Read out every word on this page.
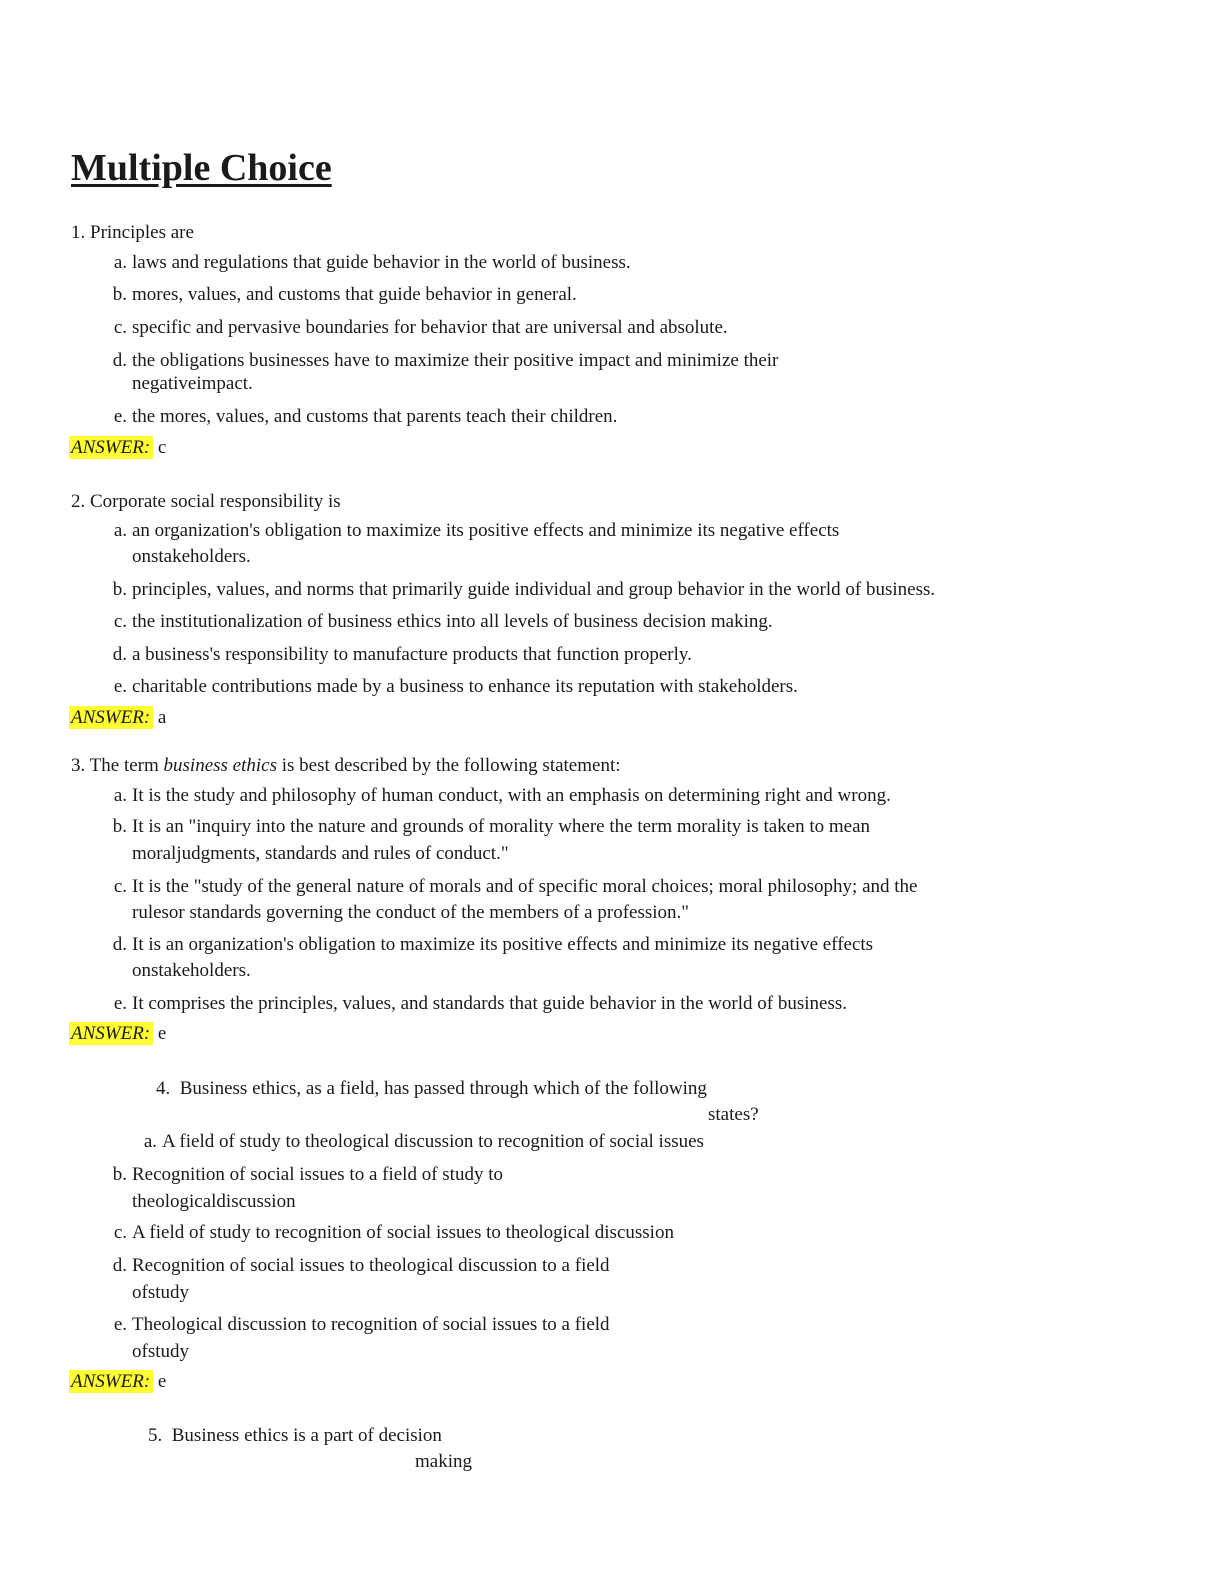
Multiple Choice

1. Principles are

a. laws and regulations that guide behavior in the world of business.

b. mores, values, and customs that guide behavior in general.

c. specific and pervasive boundaries for behavior that are universal and absolute.

d. the obligations businesses have to maximize their positive impact and minimize their

negativeimpact.

e. the mores, values, and customs that parents teach their children.

ANSWER: c

2. Corporate social responsibility is

a. an organization's obligation to maximize its positive effects and minimize its negative effects

onstakeholders.

b. principles, values, and norms that primarily guide individual and group behavior in the world of business.

c. the institutionalization of business ethics into all levels of business decision making.

d. a business's responsibility to manufacture products that function properly.

e. charitable contributions made by a business to enhance its reputation with stakeholders.

ANSWER: a

3. The term business ethics is best described by the following statement:

a. It is the study and philosophy of human conduct, with an emphasis on determining right and wrong.

b. It is an "inquiry into the nature and grounds of morality where the term morality is taken to mean

moraljudgments, standards and rules of conduct."

c. It is the "study of the general nature of morals and of specific moral choices; moral philosophy; and the

rulesor standards governing the conduct of the members of a profession."

d. It is an organization's obligation to maximize its positive effects and minimize its negative effects

onstakeholders.

e. It comprises the principles, values, and standards that guide behavior in the world of business.

ANSWER: e

4. Business ethics, as a field, has passed through which of the following

states?

a. A field of study to theological discussion to recognition of social issues

b. Recognition of social issues to a field of study to

theologicaldiscussion

c. A field of study to recognition of social issues to theological discussion

d. Recognition of social issues to theological discussion to a field

ofstudy

e. Theological discussion to recognition of social issues to a field

ofstudy

ANSWER: e

5. Business ethics is a part of decision

making
